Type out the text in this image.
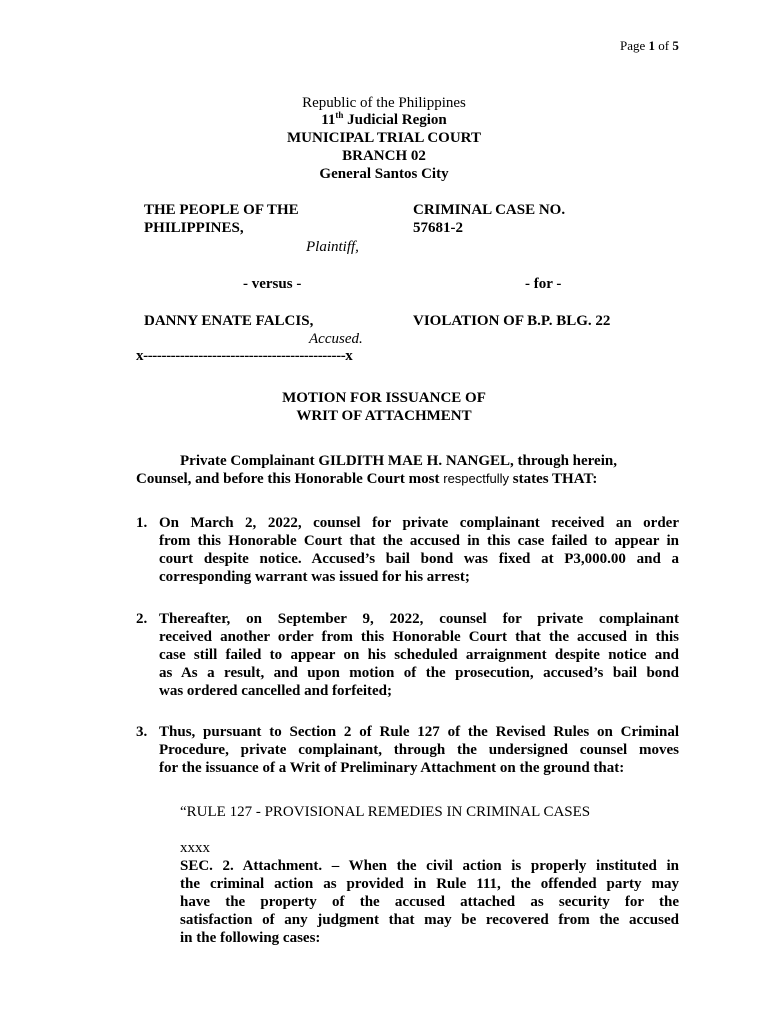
Page 1 of 5
Republic of the Philippines
11th Judicial Region
MUNICIPAL TRIAL COURT
BRANCH 02
General Santos City
THE PEOPLE OF THE
PHILIPPINES,
Plaintiff,
CRIMINAL CASE NO.
57681-2
- versus -	- for -
DANNY ENATE FALCIS,
Accused.
VIOLATION OF B.P. BLG. 22
x--------------------------------------------x
MOTION FOR ISSUANCE OF
WRIT OF ATTACHMENT
Private Complainant GILDITH MAE H. NANGEL, through herein,
Counsel, and before this Honorable Court most respectfully states THAT:
1. On March 2, 2022, counsel for private complainant received an order
from this Honorable Court that the accused in this case failed to appear in
court despite notice. Accused’s bail bond was fixed at P3,000.00 and a
corresponding warrant was issued for his arrest;
2. Thereafter, on September 9, 2022, counsel for private complainant
received another order from this Honorable Court that the accused in this
case still failed to appear on his scheduled arraignment despite notice and
as As a result, and upon motion of the prosecution, accused’s bail bond
was ordered cancelled and forfeited;
3. Thus, pursuant to Section 2 of Rule 127 of the Revised Rules on Criminal
Procedure, private complainant, through the undersigned counsel moves
for the issuance of a Writ of Preliminary Attachment on the ground that:
“RULE 127 - PROVISIONAL REMEDIES IN CRIMINAL CASES
xxxx
SEC. 2. Attachment. – When the civil action is properly instituted in
the criminal action as provided in Rule 111, the offended party may
have the property of the accused attached as security for the
satisfaction of any judgment that may be recovered from the accused
in the following cases:
